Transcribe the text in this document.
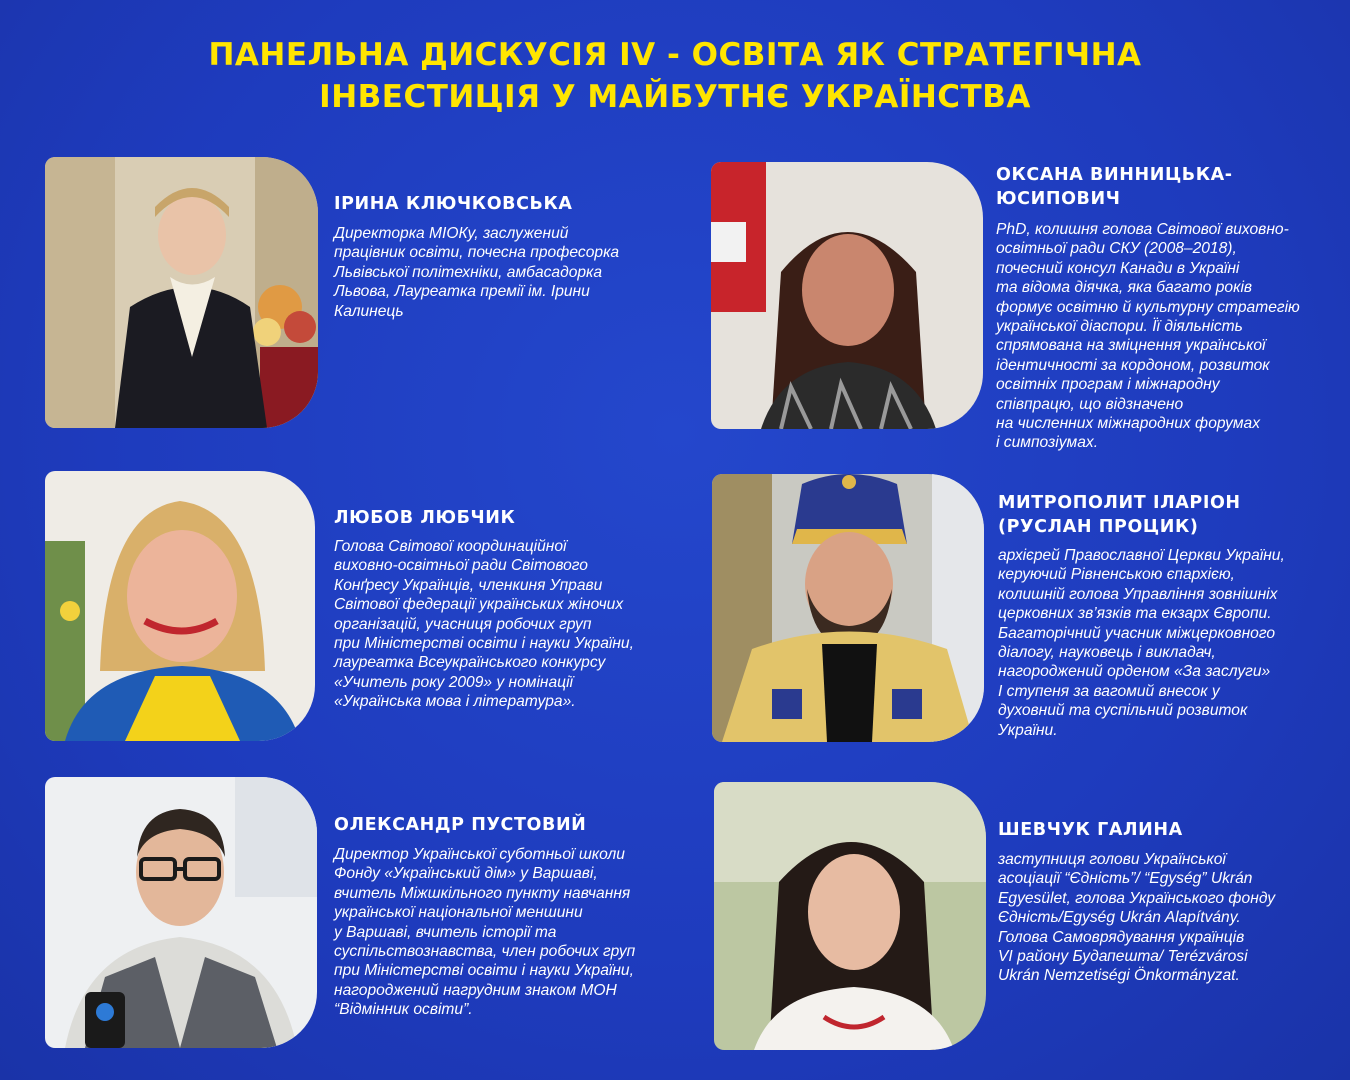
ПАНЕЛЬНА ДИСКУСІЯ IV - ОСВІТА ЯК СТРАТЕГІЧНА
ІНВЕСТИЦІЯ У МАЙБУТНЄ УКРАЇНСТВА
ІРИНА КЛЮЧКОВСЬКА
Директорка МІОКу, заслужений
працівник освіти, почесна професорка
Львівської політехніки, амбасадорка
Львова, Лауреатка премії ім. Ірини
Калинець
ОКСАНА ВИННИЦЬКА-
ЮСИПОВИЧ
PhD, колишня голова Світової виховно-
освітньої ради СКУ (2008–2018),
почесний консул Канади в Україні
та відома діячка, яка багато років
формує освітню й культурну стратегію
української діаспори. Її діяльність
спрямована на зміцнення української
ідентичності за кордоном, розвиток
освітніх програм і міжнародну
співпрацю, що відзначено
на численних міжнародних форумах
і симпозіумах.
ЛЮБОВ ЛЮБЧИК
Голова Світової координаційної
виховно-освітньої ради Світового
Конґресу Українців, членкиня Управи
Світової федерації українських жіночих
організацій, учасниця робочих груп
при Міністерстві освіти і науки України,
лауреатка Всеукраїнського конкурсу
«Учитель року 2009» у номінації
«Українська мова і література».
МИТРОПОЛИТ ІЛАРІОН
(РУСЛАН ПРОЦИК)
архієрей Православної Церкви України,
керуючий Рівненською єпархією,
колишній голова Управління зовнішніх
церковних зв’язків та екзарх Європи.
Багаторічний учасник міжцерковного
діалогу, науковець і викладач,
нагороджений орденом «За заслуги»
І ступеня за вагомий внесок у
духовний та суспільний розвиток
України.
ОЛЕКСАНДР ПУСТОВИЙ
Директор Української суботньої школи
Фонду «Український дім» у Варшаві,
вчитель Міжшкільного пункту навчання
української національної меншини
у Варшаві, вчитель історії та
суспільствознавства, член робочих груп
при Міністерстві освіти і науки України,
нагороджений нагрудним знаком МОН
“Відмінник освіти”.
ШЕВЧУК ГАЛИНА
заступниця голови Української
асоціації “Єдність”/ “Egység” Ukrán
Egyesület, голова Українського фонду
Єдність/Egység Ukrán Alapítvány.
Голова Самоврядування українців
VI району Будапешта/ Terézvárosi
Ukrán Nemzetiségi Önkormányzat.
